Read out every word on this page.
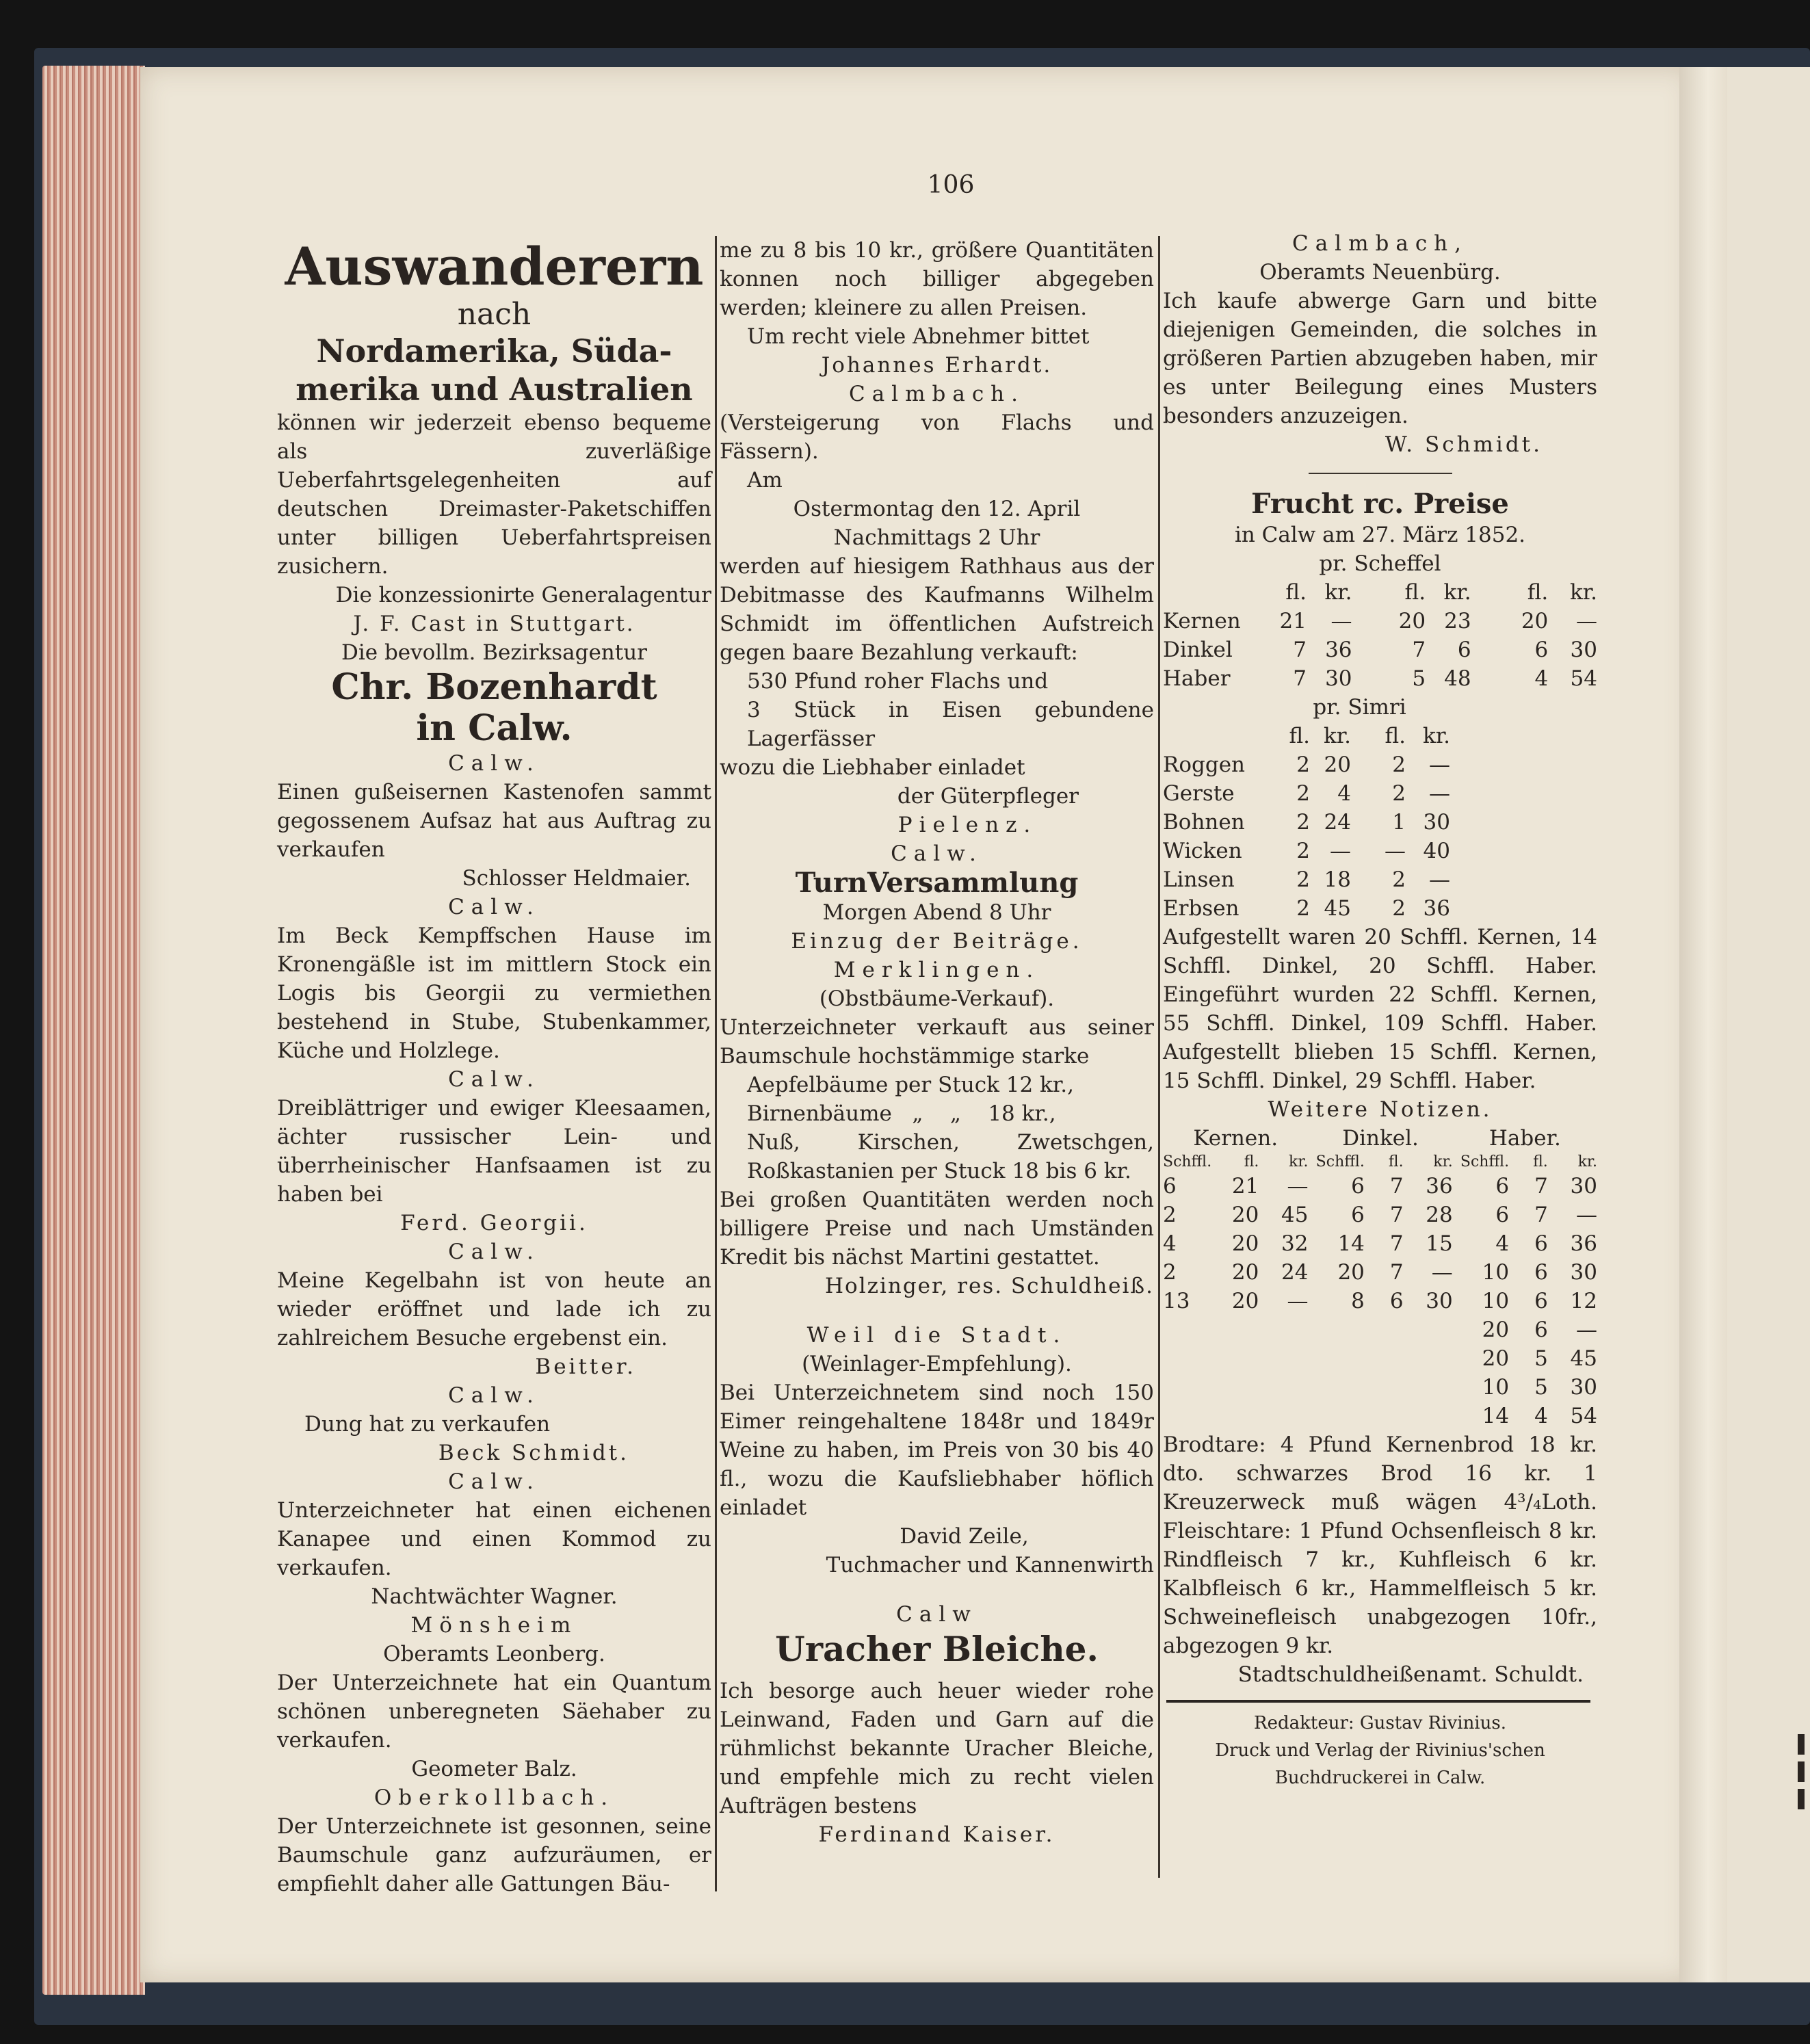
106
Auswanderern
nach
Nordamerika, Süda-
merika und Australien

können wir jederzeit ebenso bequeme als zuverläßige Ueberfahrtsgelegenheiten auf deutschen Dreimaster-Paketschiffen unter billigen Ueberfahrtspreisen zusichern.

Die konzessionirte Generalagentur
J. F. Cast in Stuttgart.
Die bevollm. Bezirksagentur
Chr. Bozenhardt
in Calw.
Calw.

Einen gußeisernen Kastenofen sammt gegossenem Aufsaz hat aus Auftrag zu verkaufen

Schlosser Heldmaier.
Calw.

Im Beck Kempffschen Hause im Kronengäßle ist im mittlern Stock ein Logis bis Georgii zu vermiethen bestehend in Stube, Stubenkammer, Küche und Holzlege.

Calw.

Dreiblättriger und ewiger Kleesaamen, ächter russischer Lein- und überrheinischer Hanfsaamen ist zu haben bei

Ferd. Georgii.
Calw.

Meine Kegelbahn ist von heute an wieder eröffnet und lade ich zu zahlreichem Besuche ergebenst ein.

Beitter.
Calw.

Dung hat zu verkaufen

Beck Schmidt.
Calw.

Unterzeichneter hat einen eichenen Kanapee und einen Kommod zu verkaufen.

Nachtwächter Wagner.
Mönsheim
Oberamts Leonberg.

Der Unterzeichnete hat ein Quantum schönen unberegneten Säehaber zu verkaufen.

Geometer Balz.
Oberkollbach.

Der Unterzeichnete ist gesonnen, seine Baumschule ganz aufzuräumen, er empfiehlt daher alle Gattungen Bäu-

me zu 8 bis 10 kr., größere Quantitäten konnen noch billiger abgegeben werden; kleinere zu allen Preisen.

Um recht viele Abnehmer bittet
Johannes Erhardt.
Calmbach.

(Versteigerung von Flachs und Fässern).

Am
Ostermontag den 12. April
Nachmittags 2 Uhr

werden auf hiesigem Rathhaus aus der Debitmasse des Kaufmanns Wilhelm Schmidt im öffentlichen Aufstreich gegen baare Bezahlung verkauft:

530 Pfund roher Flachs und

3 Stück in Eisen gebundene Lagerfässer

wozu die Liebhaber einladet
der Güterpfleger
Pielenz.
Calw.
TurnVersammlung
Morgen Abend 8 Uhr
Einzug der Beiträge.
Merklingen.
(Obstbäume-Verkauf).

Unterzeichneter verkauft aus seiner Baumschule hochstämmige starke

Aepfelbäume per Stuck 12 kr.,
Birnenbäume   „    „    18 kr.,

Nuß, Kirschen, Zwetschgen, Roßkastanien per Stuck 18 bis 6 kr.

Bei großen Quantitäten werden noch billigere Preise und nach Umständen Kredit bis nächst Martini gestattet.

Holzinger, res. Schuldheiß.
Weil die Stadt.
(Weinlager-Empfehlung).

Bei Unterzeichnetem sind noch 150 Eimer reingehaltene 1848r und 1849r Weine zu haben, im Preis von 30 bis 40 fl., wozu die Kaufsliebhaber höflich einladet

David Zeile,
Tuchmacher und Kannenwirth
Calw
Uracher Bleiche.

Ich besorge auch heuer wieder rohe Leinwand, Faden und Garn auf die rühmlichst bekannte Uracher Bleiche, und empfehle mich zu recht vielen Aufträgen bestens

Ferdinand Kaiser.
Calmbach,
Oberamts Neuenbürg.

Ich kaufe abwerge Garn und bitte diejenigen Gemeinden, die solches in größeren Partien abzugeben haben, mir es unter Beilegung eines Musters besonders anzuzeigen.

W. Schmidt.
Frucht rc. Preise
in Calw am 27. März 1852.
pr. Scheffel
	fl.	kr.	fl.	kr.	fl.	kr.
Kernen	21	—	20	23	20	—
Dinkel	7	36	7	6	6	30
Haber	7	30	5	48	4	54
pr. Simri
	fl.	kr.	fl.	kr.
Roggen	2	20	2	—
Gerste	2	4	2	—
Bohnen	2	24	1	30
Wicken	2	—	—	40
Linsen	2	18	2	—
Erbsen	2	45	2	36

Aufgestellt waren 20 Schffl. Kernen, 14 Schffl. Dinkel, 20 Schffl. Haber. Eingeführt wurden 22 Schffl. Kernen, 55 Schffl. Dinkel, 109 Schffl. Haber. Aufgestellt blieben 15 Schffl. Kernen, 15 Schffl. Dinkel, 29 Schffl. Haber.

Weitere Notizen.
Kernen.			Dinkel.			Haber.		
Schffl.	fl.	kr.	Schffl.	fl.	kr.	Schffl.	fl.	kr.
6	21	—	6	7	36	6	7	30
2	20	45	6	7	28	6	7	—
4	20	32	14	7	15	4	6	36
2	20	24	20	7	—	10	6	30
13	20	—	8	6	30	10	6	12
						20	6	—
						20	5	45
						10	5	30
						14	4	54

Brodtare: 4 Pfund Kernenbrod 18 kr. dto. schwarzes Brod 16 kr. 1 Kreuzerweck muß wägen 4³/₄Loth. Fleischtare: 1 Pfund Ochsenfleisch 8 kr. Rindfleisch 7 kr., Kuhfleisch 6 kr. Kalbfleisch 6 kr., Hammelfleisch 5 kr. Schweinefleisch unabgezogen 10fr., abgezogen 9 kr.

Stadtschuldheißenamt. Schuldt.
Redakteur: Gustav Rivinius.
Druck und Verlag der Rivinius'schen Buchdruckerei in Calw.
